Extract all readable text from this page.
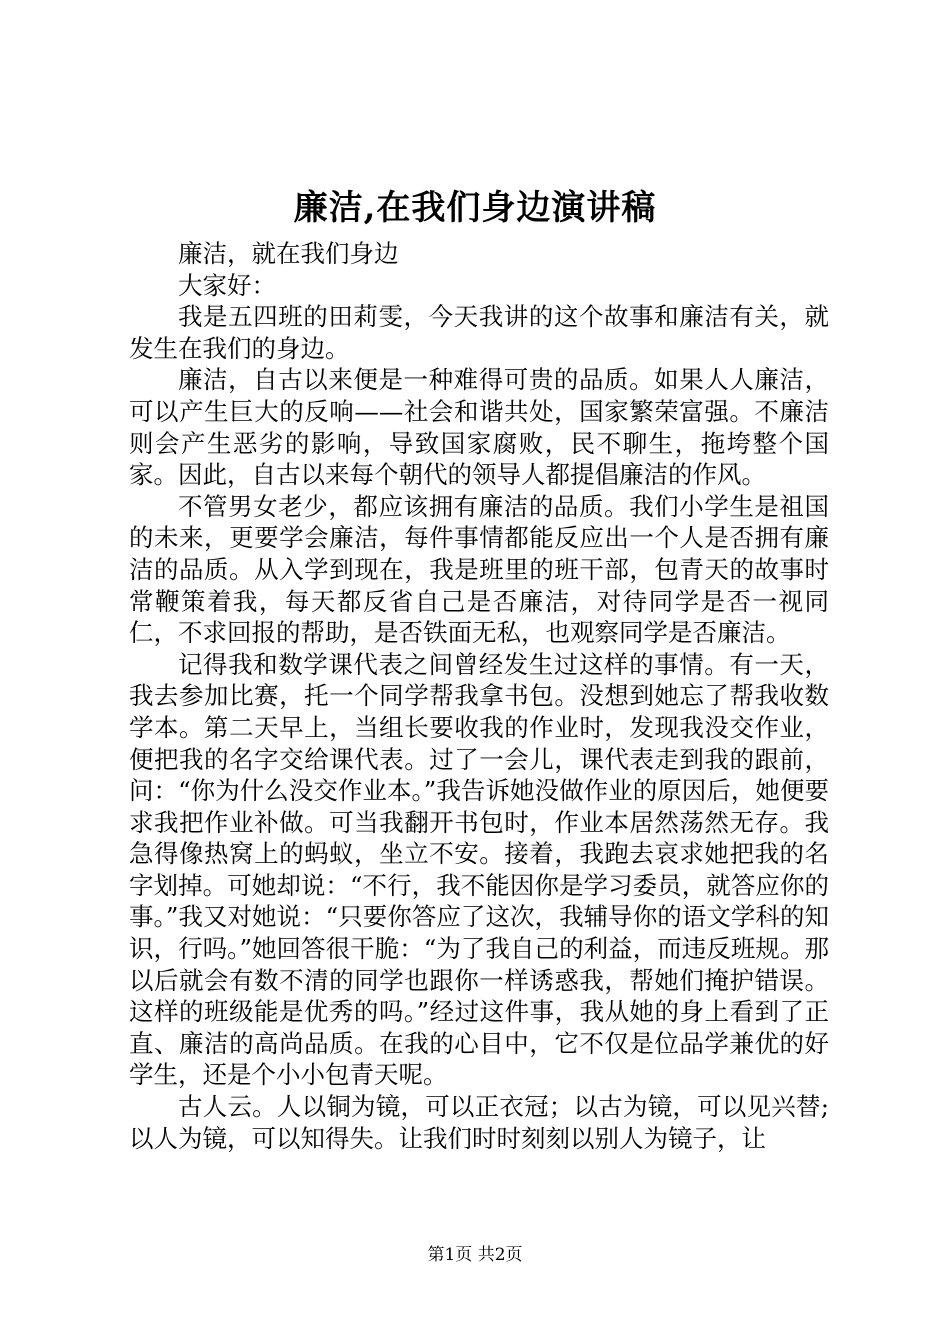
廉洁,在我们身边演讲稿

廉洁，就在我们身边

大家好：

我是五四班的田莉雯，今天我讲的这个故事和廉洁有关，就发生在我们的身边。

廉洁，自古以来便是一种难得可贵的品质。如果人人廉洁，可以产生巨大的反响——社会和谐共处，国家繁荣富强。不廉洁则会产生恶劣的影响，导致国家腐败，民不聊生，拖垮整个国家。因此，自古以来每个朝代的领导人都提倡廉洁的作风。

不管男女老少，都应该拥有廉洁的品质。我们小学生是祖国的未来，更要学会廉洁，每件事情都能反应出一个人是否拥有廉洁的品质。从入学到现在，我是班里的班干部，包青天的故事时常鞭策着我，每天都反省自己是否廉洁，对待同学是否一视同仁，不求回报的帮助，是否铁面无私，也观察同学是否廉洁。

记得我和数学课代表之间曾经发生过这样的事情。有一天，我去参加比赛，托一个同学帮我拿书包。没想到她忘了帮我收数学本。第二天早上，当组长要收我的作业时，发现我没交作业，便把我的名字交给课代表。过了一会儿，课代表走到我的跟前，问：“你为什么没交作业本。”我告诉她没做作业的原因后，她便要求我把作业补做。可当我翻开书包时，作业本居然荡然无存。我急得像热窝上的蚂蚁，坐立不安。接着，我跑去哀求她把我的名字划掉。可她却说：“不行，我不能因你是学习委员，就答应你的事。”我又对她说：“只要你答应了这次，我辅导你的语文学科的知识，行吗。”她回答很干脆：“为了我自己的利益，而违反班规。那以后就会有数不清的同学也跟你一样诱惑我，帮她们掩护错误。这样的班级能是优秀的吗。”经过这件事，我从她的身上看到了正直、廉洁的高尚品质。在我的心目中，它不仅是位品学兼优的好学生，还是个小小包青天呢。

古人云。人以铜为镜，可以正衣冠；以古为镜，可以见兴替;以人为镜，可以知得失。让我们时时刻刻以别人为镜子，让

第1页 共2页
